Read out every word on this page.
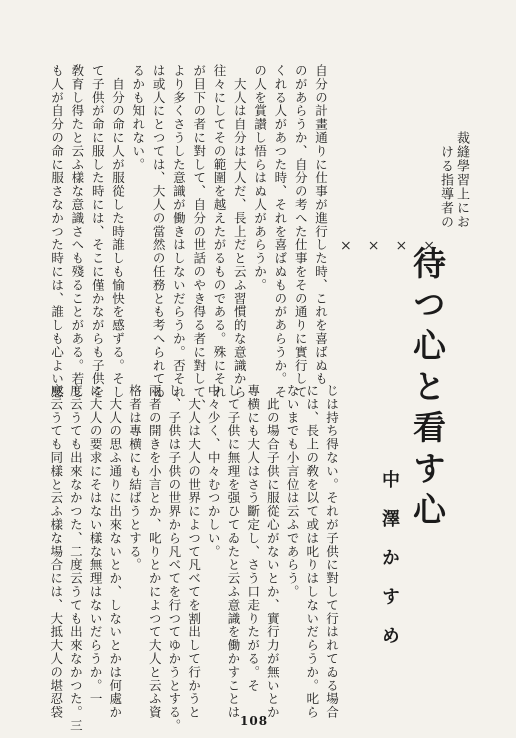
裁縫學習上にお
ける指導者の
待つ心と看す心
中澤かすめ
××××
自分の計畫通りに仕事が進行した時、これを喜ばぬも
のがあらうか、自分の考へた仕事をその通りに實行して
くれる人があつた時、それを喜ばぬものがあらうか。そ
の人を賞讃し悟らはぬ人があらうか。
　大人は自分は大人だ、長上だと云ふ習慣的な意識から
往々にしてその範圍を越えたがるものである。殊にそれ
が目下の者に對して、自分の世話のやき得る者に對して、
より多くさうした意識が働きはしないだらうか。否それ
は或人にとつては、大人の當然の任務とも考へられてゐ
るかも知れない。
　自分の命に人が服從した時誰しも愉快を感ずる。そし
て子供が命に服した時には、そこに僅かながらも子供を
敎育し得たと云ふ樣な意識さへも殘ることがある。若し
も人が自分の命に服さなかつた時には、誰しも心よい感
じは持ち得ない。それが子供に對して行はれてゐる場合
には、長上の敎を以て或は叱りはしないだらうか。叱ら
ないまでも小言位は云ふであらう。
　此の場合子供に服從心がないとか、實行力が無いとか
專横にも大人はさう斷定し、さう口走りたがる。そ
して子供に無理を强ひてゐたと云ふ意識を働かすことは
中々少く、中々むつかしい。
　大人は大人の世界によつて凡べてを割出して行かうと
し、子供は子供の世界から凡べてを行つてゆかうとする。
兩者の開きを小言とか、叱りとかによつて大人と云ふ資
格者は專横にも結ばうとする。
　大人の思ふ通りに出來ないとか、しないとかは何處か
に大人の要求にそはない樣な無理はないだらうか。一
度云うても出來なかつた、二度云うても出來なかつた。三
度云うても同樣と云ふ樣な場合には、大抵大人の堪忍袋
108
